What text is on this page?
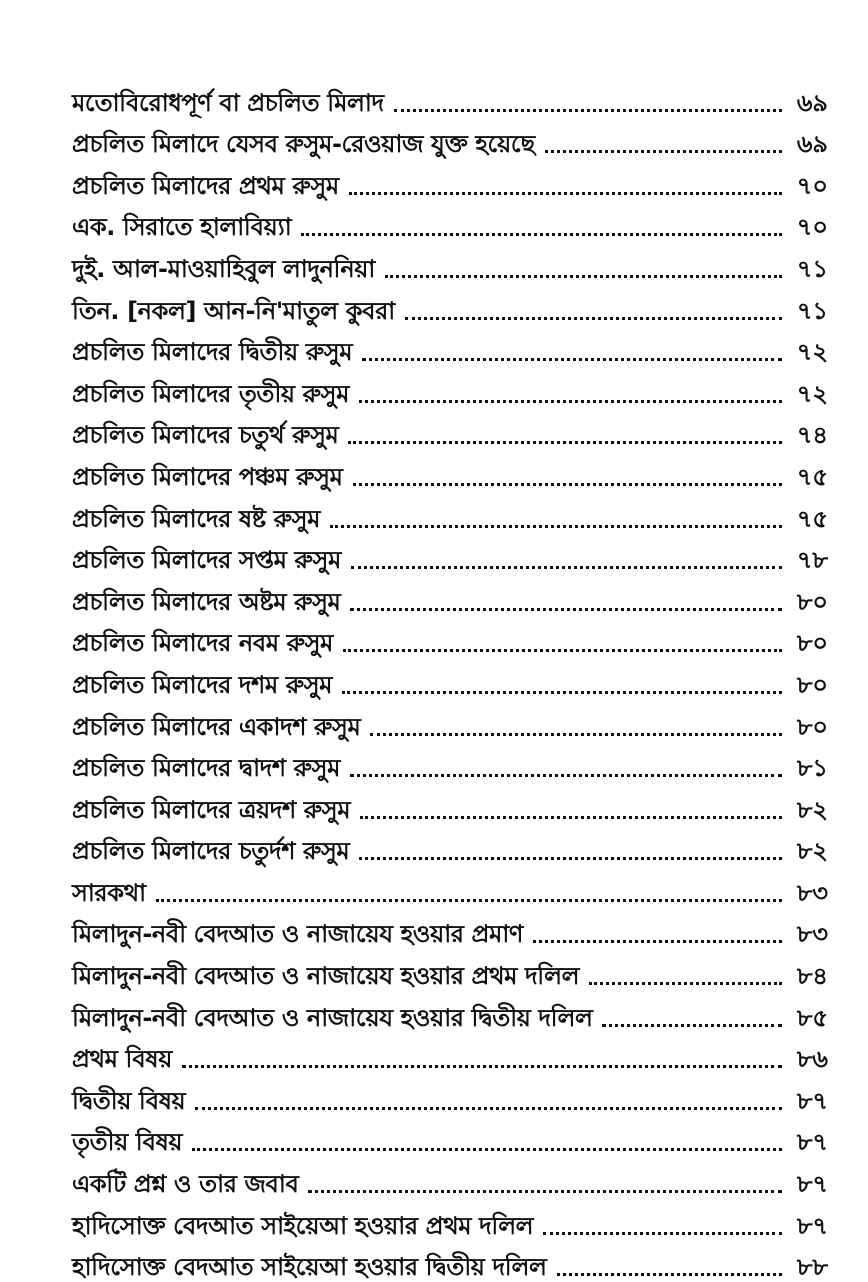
মতোবিরোধপূর্ণ বা প্রচলিত মিলাদ	৬৯
প্রচলিত মিলাদে যেসব রুসুম-রেওয়াজ যুক্ত হয়েছে	৬৯
প্রচলিত মিলাদের প্রথম রুসুম	৭০
এক. সিরাতে হালাবিয়্যা	৭০
দুই. আল-মাওয়াহিবুল লাদুননিয়া	৭১
তিন. [নকল] আন-নি'মাতুল কুবরা	৭১
প্রচলিত মিলাদের দ্বিতীয় রুসুম	৭২
প্রচলিত মিলাদের তৃতীয় রুসুম	৭২
প্রচলিত মিলাদের চতুর্থ রুসুম	৭৪
প্রচলিত মিলাদের পঞ্চম রুসুম	৭৫
প্রচলিত মিলাদের ষষ্ট রুসুম	৭৫
প্রচলিত মিলাদের সপ্তম রুসুম	৭৮
প্রচলিত মিলাদের অষ্টম রুসুম	৮০
প্রচলিত মিলাদের নবম রুসুম	৮০
প্রচলিত মিলাদের দশম রুসুম	৮০
প্রচলিত মিলাদের একাদশ রুসুম	৮০
প্রচলিত মিলাদের দ্বাদশ রুসুম	৮১
প্রচলিত মিলাদের ত্রয়দশ রুসুম	৮২
প্রচলিত মিলাদের চতুর্দশ রুসুম	৮২
সারকথা	৮৩
মিলাদুন-নবী বেদআত ও নাজায়েয হওয়ার প্রমাণ	৮৩
মিলাদুন-নবী বেদআত ও নাজায়েয হওয়ার প্রথম দলিল	৮৪
মিলাদুন-নবী বেদআত ও নাজায়েয হওয়ার দ্বিতীয় দলিল	৮৫
প্রথম বিষয়	৮৬
দ্বিতীয় বিষয়	৮৭
তৃতীয় বিষয়	৮৭
একটি প্রশ্ন ও তার জবাব	৮৭
হাদিসোক্ত বেদআত সাইয়েআ হওয়ার প্রথম দলিল	৮৭
হাদিসোক্ত বেদআত সাইয়েআ হওয়ার দ্বিতীয় দলিল	৮৮
